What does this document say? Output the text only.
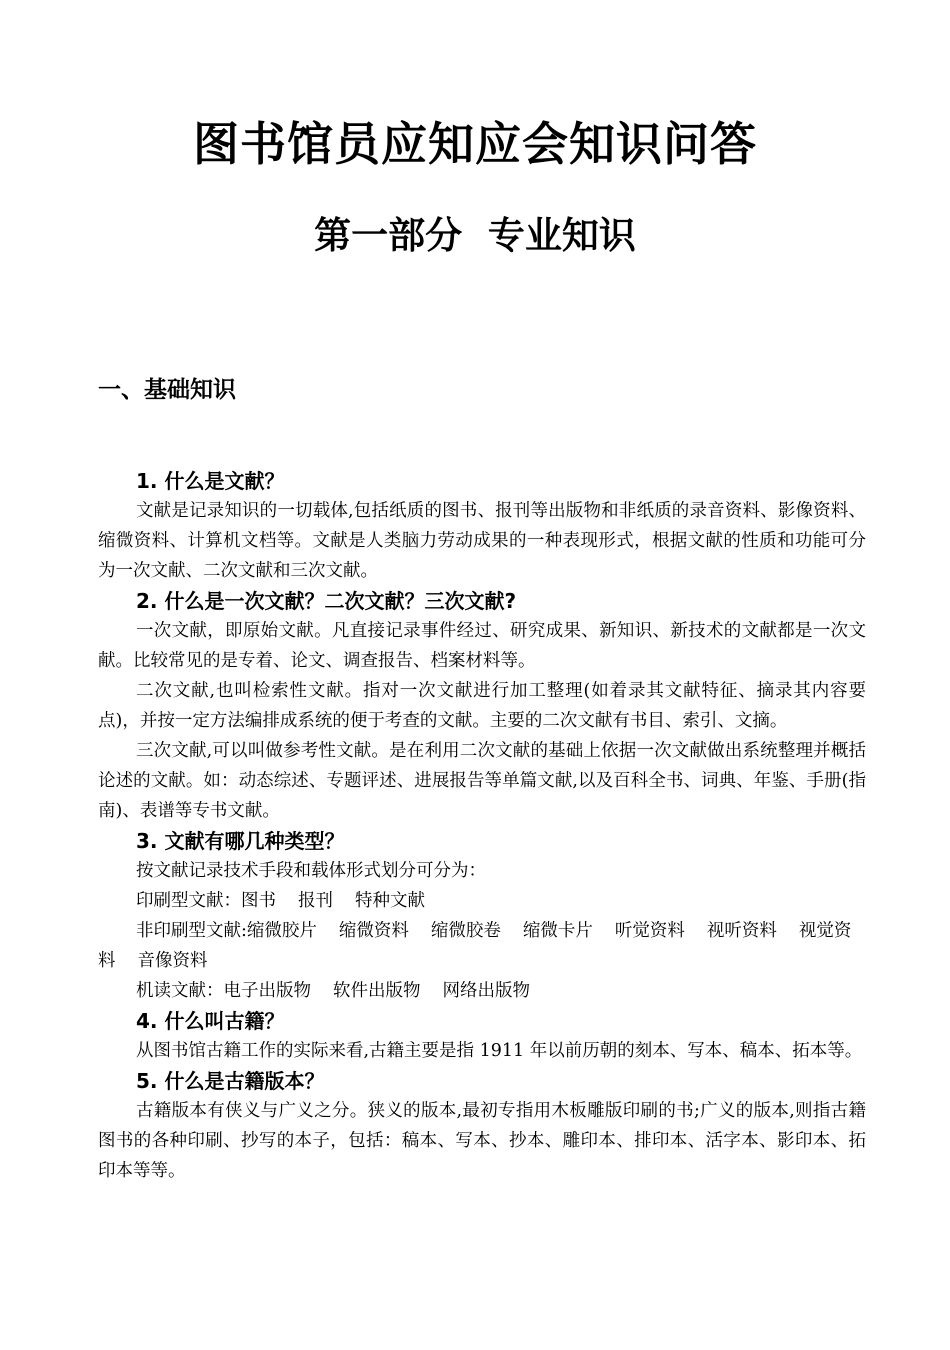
图书馆员应知应会知识问答
第一部分  专业知识
一、基础知识
1. 什么是文献？

文献是记录知识的一切载体,包括纸质的图书、报刊等出版物和非纸质的录音资料、影像资料、缩微资料、计算机文档等。文献是人类脑力劳动成果的一种表现形式，根据文献的性质和功能可分为一次文献、二次文献和三次文献。

2. 什么是一次文献？二次文献？三次文献?

一次文献，即原始文献。凡直接记录事件经过、研究成果、新知识、新技术的文献都是一次文献。比较常见的是专着、论文、调查报告、档案材料等。

二次文献,也叫检索性文献。指对一次文献进行加工整理(如着录其文献特征、摘录其内容要点)，并按一定方法编排成系统的便于考查的文献。主要的二次文献有书目、索引、文摘。

三次文献,可以叫做参考性文献。是在利用二次文献的基础上依据一次文献做出系统整理并概括论述的文献。如：动态综述、专题评述、进展报告等单篇文献,以及百科全书、词典、年鉴、手册(指南)、表谱等专书文献。

3. 文献有哪几种类型？

按文献记录技术手段和载体形式划分可分为：

印刷型文献：图书 报刊 特种文献

非印刷型文献:缩微胶片 缩微资料 缩微胶卷 缩微卡片 听觉资料 视听资料 视觉资料 音像资料

机读文献：电子出版物 软件出版物 网络出版物

4. 什么叫古籍？

从图书馆古籍工作的实际来看,古籍主要是指 1911 年以前历朝的刻本、写本、稿本、拓本等。

5. 什么是古籍版本？

古籍版本有侠义与广义之分。狭义的版本,最初专指用木板雕版印刷的书;广义的版本,则指古籍图书的各种印刷、抄写的本子，包括：稿本、写本、抄本、雕印本、排印本、活字本、影印本、拓印本等等。
